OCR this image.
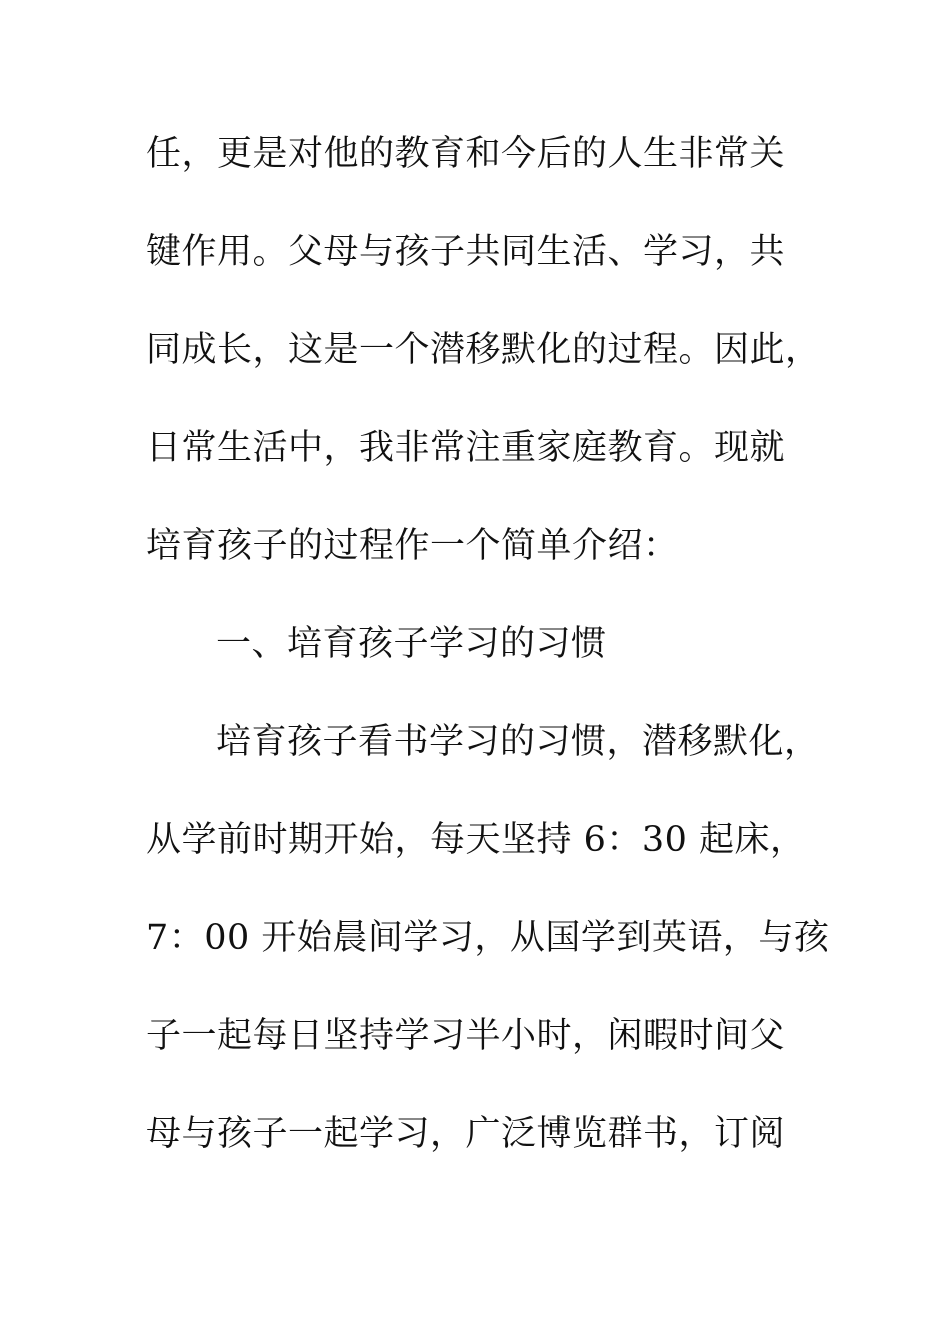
任，更是对他的教育和今后的人生非常关
键作用。父母与孩子共同生活、学习，共
同成长，这是一个潜移默化的过程。因此，
日常生活中，我非常注重家庭教育。现就
培育孩子的过程作一个简单介绍：
一、培育孩子学习的习惯
培育孩子看书学习的习惯，潜移默化，
从学前时期开始，每天坚持 6：30 起床，
7：00 开始晨间学习，从国学到英语，与孩
子一起每日坚持学习半小时，闲暇时间父
母与孩子一起学习，广泛博览群书，订阅
